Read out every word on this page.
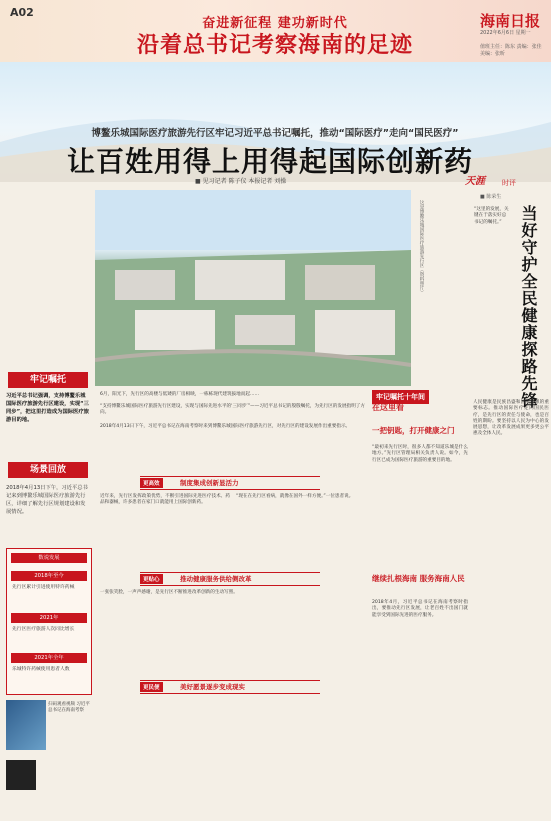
A02
奋进新征程 建功新时代
沿着总书记考察海南的足迹
海南日报
2022年6月6日 星期一
值班主任：陈东 责编：张佳 美编：张昕
博鳌乐城国际医疗旅游先行区牢记习近平总书记嘱托，推动“国际医疗”走向“国民医疗”
让百姓用得上用得起国际创新药
■ 见习记者 陈子仪 本报记者 刘操
这是博鳌乐城国际医疗旅游先行区（资料照片）
牢记嘱托
习近平总书记强调，支持博鳌乐城国际医疗旅游先行区建设，实现“三同步”，把这里打造成为国际医疗旅游目的地。
场景回放
2018年4月13日下午，习近平总书记来到博鳌乐城国际医疗旅游先行区，详细了解先行区规划建设和发展情况。
数说发展
2018年至今
先行区累计引进使用特许药械
2021年
先行区医疗旅游人次同比增长
2021年全年
乐城特许药械使用患者人数
扫码观看视频 习近平总书记在海南考察
6月，阳光下，先行区的高楼与低矮的厂房相映，一栋栋现代建筑拔地而起……
“支持博鳌乐城国际医疗旅游先行区建设，实现与国际先进水平的‘三同步’”——习近平总书记的殷殷嘱托，为先行区的发展指明了方向。
2018年4月13日下午，习近平总书记在海南考察时来到博鳌乐城国际医疗旅游先行区，对先行区的建设发展作出重要指示。
更高效	制度集成创新显活力
近年来，先行区发挥政策优势，不断引进国际先进医疗技术、药品和器械，许多患者在家门口就能用上国际创新药。
“现在在先行区看病，就像在国外一样方便。”一位患者说。
更贴心	推动健康服务供给侧改革
一张张笑脸，一声声感谢，是先行区不断推进改革创新的生动写照。
更民便	美好愿景逐步变成现实
牢记嘱托十年间
在这里看
一把钥匙，打开健康之门
“最初来先行区时，很多人都不知道乐城是什么地方。”先行区管理局相关负责人说。如今，先行区已成为国际医疗旅游的重要目的地。
继续扎根海南 服务海南人民
2018年4月，习近平总书记在海南考察时指出，要推动先行区发展，让老百姓不出国门就能享受到国际先进的医疗服务。
天涯 时评
■ 陈荣生
当好守护全民健康探路先锋
“这里的发展，关键在于落实好总书记的嘱托。”
人民健康是民族昌盛和国家富强的重要标志。推动国际医疗走向国民医疗，是先行区的责任与使命，也是百姓的期盼。要坚持以人民为中心的发展思想，让改革发展成果更多更公平惠及全体人民。
